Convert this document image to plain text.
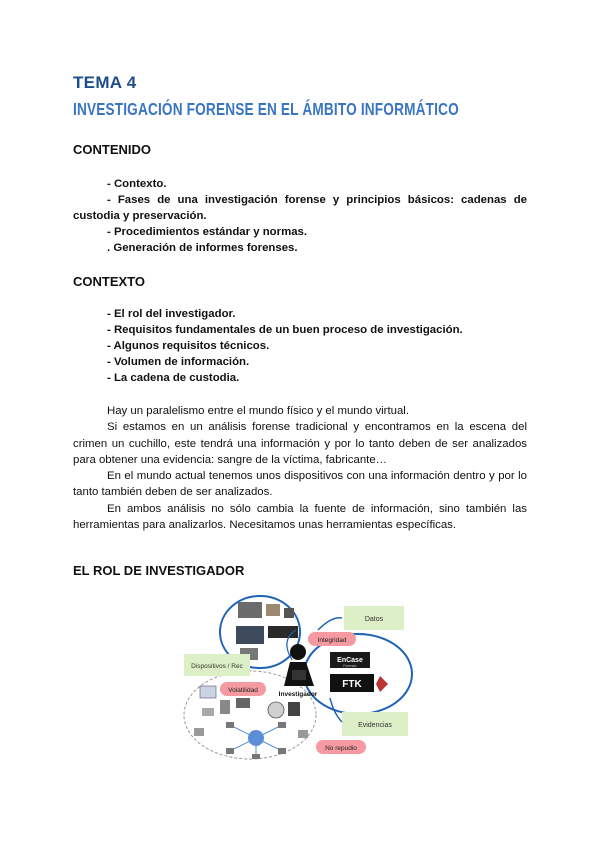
TEMA 4
INVESTIGACIÓN FORENSE EN EL ÁMBITO INFORMÁTICO
CONTENIDO
- Contexto.
- Fases de una investigación forense y principios básicos: cadenas de custodia y preservación.
- Procedimientos estándar y normas.
. Generación de informes forenses.
CONTEXTO
- El rol del investigador.
- Requisitos fundamentales de un buen proceso de investigación.
- Algunos requisitos técnicos.
- Volumen de información.
- La cadena de custodia.

Hay un paralelismo entre el mundo físico y el mundo virtual.

Si estamos en un análisis forense tradicional y encontramos en la escena del crimen un cuchillo, este tendrá una información y por lo tanto deben de ser analizados para obtener una evidencia: sangre de la víctima, fabricante…

En el mundo actual tenemos unos dispositivos con una información dentro y por lo tanto también deben de ser analizados.

En ambos análisis no sólo cambia la fuente de información, sino también las herramientas para analizarlos. Necesitamos unas herramientas específicas.

EL ROL DE INVESTIGADOR
Datos
Evidencias
Dispositivos / Rec
Integridad
Volatilidad
No repudio
Investigador
EnCase
Forensic
FTK
